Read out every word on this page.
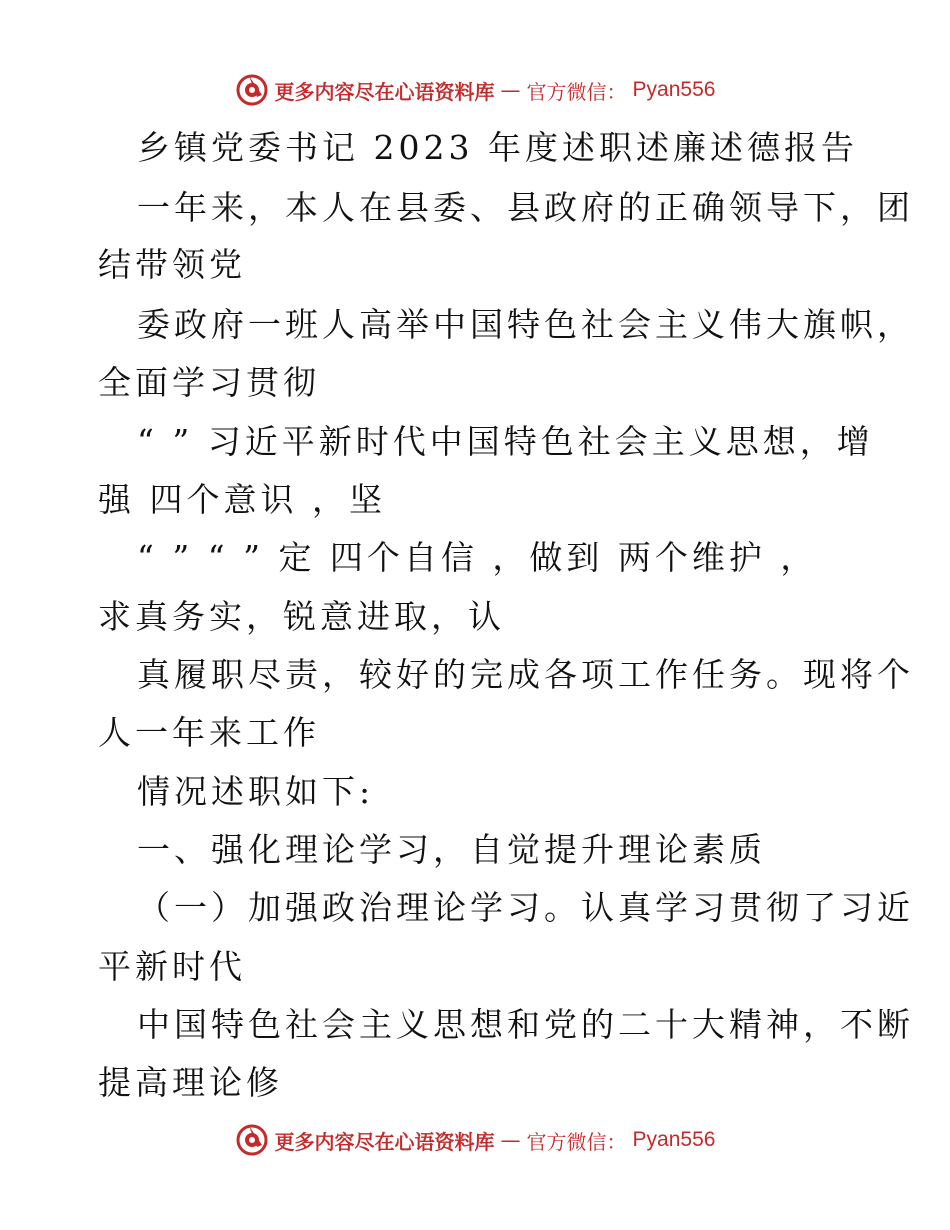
更多内容尽在心语资料库 — 官方微信： Pyan556
乡镇党委书记 2023 年度述职述廉述德报告
一年来，本人在县委、县政府的正确领导下，团
结带领党
委政府一班人高举中国特色社会主义伟大旗帜，
全面学习贯彻
“ ” 习近平新时代中国特色社会主义思想，增
强 四个意识 ，坚
“ ” “ ” 定 四个自信 ，做到 两个维护 ，
求真务实，锐意进取，认
真履职尽责，较好的完成各项工作任务。现将个
人一年来工作
情况述职如下:
一、强化理论学习，自觉提升理论素质
（一）加强政治理论学习。认真学习贯彻了习近
平新时代
中国特色社会主义思想和党的二十大精神，不断
提高理论修
更多内容尽在心语资料库 — 官方微信： Pyan556
